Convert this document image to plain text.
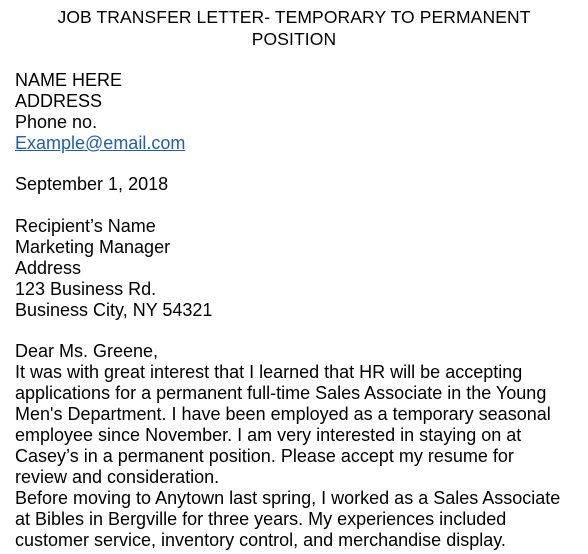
JOB TRANSFER LETTER- TEMPORARY TO PERMANENT
POSITION
NAME HERE
ADDRESS
Phone no.
Example@email.com
September 1, 2018
Recipient’s Name
Marketing Manager
Address
123 Business Rd.
Business City, NY 54321
Dear Ms. Greene,
It was with great interest that I learned that HR will be accepting
applications for a permanent full-time Sales Associate in the Young
Men's Department. I have been employed as a temporary seasonal
employee since November. I am very interested in staying on at
Casey’s in a permanent position. Please accept my resume for
review and consideration.
Before moving to Anytown last spring, I worked as a Sales Associate
at Bibles in Bergville for three years. My experiences included
customer service, inventory control, and merchandise display.
